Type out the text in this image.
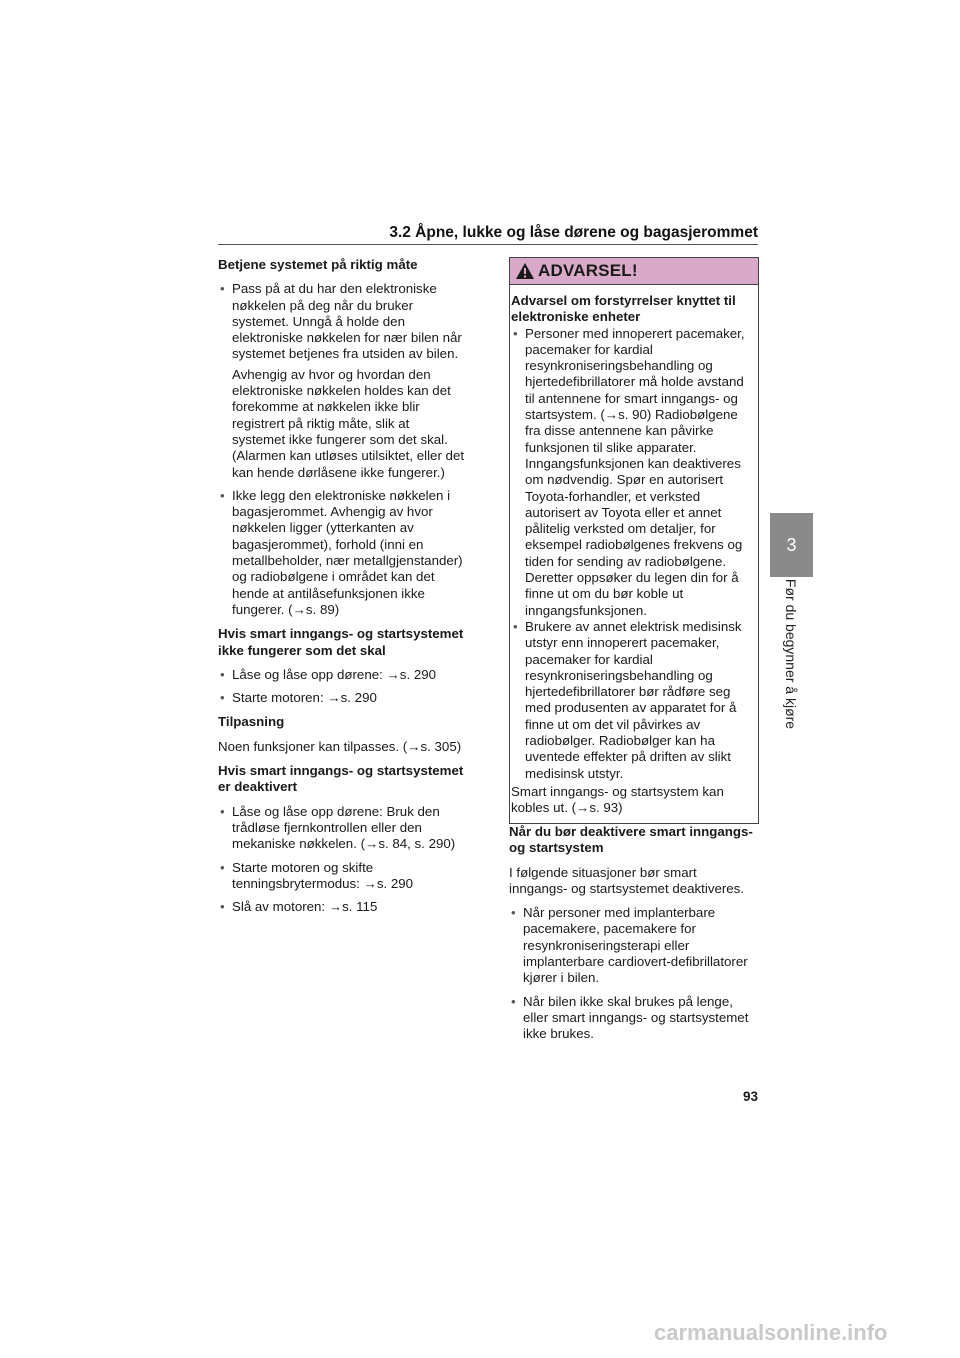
3.2 Åpne, lukke og låse dørene og bagasjerommet
Betjene systemet på riktig måte
• Pass på at du har den elektroniske nøkkelen på deg når du bruker systemet. Unngå å holde den elektroniske nøkkelen for nær bilen når systemet betjenes fra utsiden av bilen.
Avhengig av hvor og hvordan den elektroniske nøkkelen holdes kan det forekomme at nøkkelen ikke blir registrert på riktig måte, slik at systemet ikke fungerer som det skal. (Alarmen kan utløses utilsiktet, eller det kan hende dørlåsene ikke fungerer.)
• Ikke legg den elektroniske nøkkelen i bagasjerommet. Avhengig av hvor nøkkelen ligger (ytterkanten av bagasjerommet), forhold (inni en metallbeholder, nær metallgjenstander) og radiobølgene i området kan det hende at antilåsefunksjonen ikke fungerer. (→s. 89)
Hvis smart inngangs- og startsystemet ikke fungerer som det skal
• Låse og låse opp dørene: →s. 290
• Starte motoren: →s. 290
Tilpasning

Noen funksjoner kan tilpasses. (→s. 305)

Hvis smart inngangs- og startsystemet er deaktivert
• Låse og låse opp dørene: Bruk den trådløse fjernkontrollen eller den mekaniske nøkkelen. (→s. 84, s. 290)
• Starte motoren og skifte tenningsbrytermodus: →s. 290
• Slå av motoren: →s. 115
ADVARSEL!
Advarsel om forstyrrelser knyttet til elektroniske enheter
• Personer med innoperert pacemaker, pacemaker for kardial resynkroniseringsbehandling og hjertedefibrillatorer må holde avstand til antennene for smart inngangs- og startsystem. (→s. 90) Radiobølgene fra disse antennene kan påvirke funksjonen til slike apparater. Inngangsfunksjonen kan deaktiveres om nødvendig. Spør en autorisert Toyota-forhandler, et verksted autorisert av Toyota eller et annet pålitelig verksted om detaljer, for eksempel radiobølgenes frekvens og tiden for sending av radiobølgene. Deretter oppsøker du legen din for å finne ut om du bør koble ut inngangsfunksjonen.
• Brukere av annet elektrisk medisinsk utstyr enn innoperert pacemaker, pacemaker for kardial resynkroniseringsbehandling og hjertedefibrillatorer bør rådføre seg med produsenten av apparatet for å finne ut om det vil påvirkes av radiobølger. Radiobølger kan ha uventede effekter på driften av slikt medisinsk utstyr.

Smart inngangs- og startsystem kan kobles ut. (→s. 93)

Når du bør deaktivere smart inngangs- og startsystem

I følgende situasjoner bør smart inngangs- og startsystemet deaktiveres.

• Når personer med implanterbare pacemakere, pacemakere for resynkroniseringsterapi eller implanterbare cardiovert-defibrillatorer kjører i bilen.
• Når bilen ikke skal brukes på lenge, eller smart inngangs- og startsystemet ikke brukes.
3
Før du begynner å kjøre
93
carmanualsonline.info
